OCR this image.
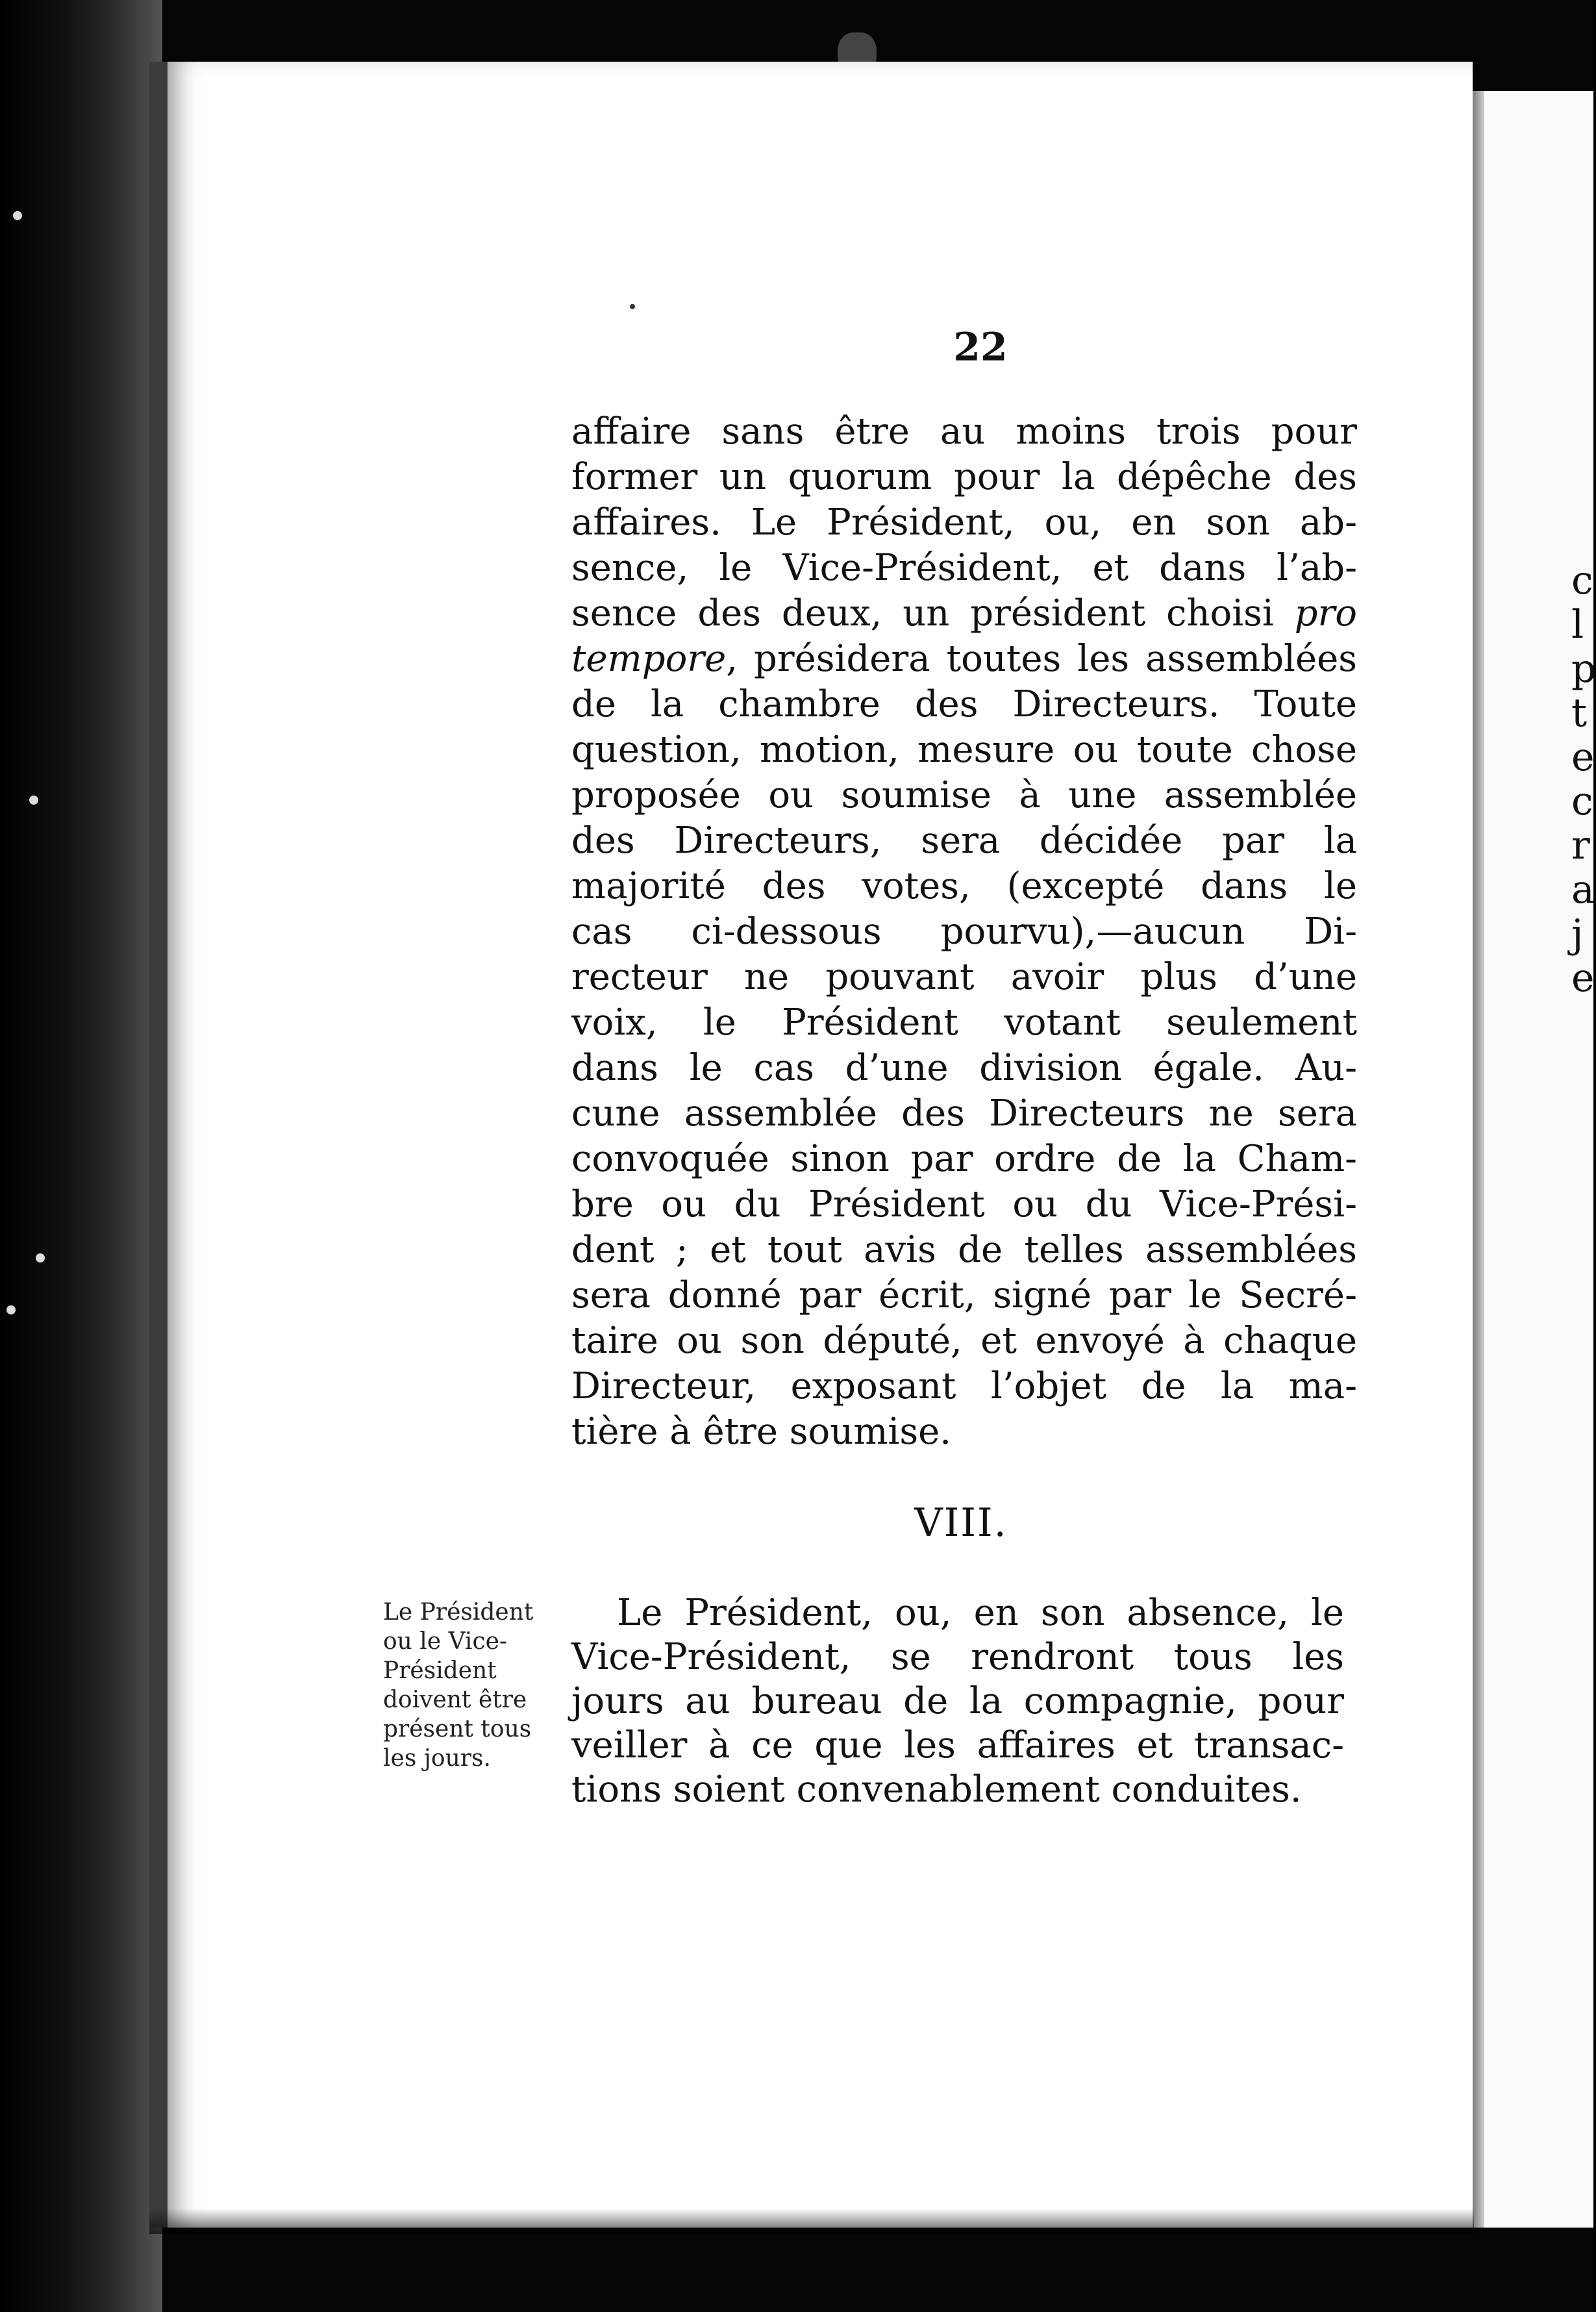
c
l
p
t
e
c
r
a
j
e
22
affaire sans être au moins trois pour
former un quorum pour la dépêche des
affaires. Le Président, ou, en son ab-
sence, le Vice-Président, et dans l’ab-
sence des deux, un président choisi pro
tempore, présidera toutes les assemblées
de la chambre des Directeurs. Toute
question, motion, mesure ou toute chose
proposée ou soumise à une assemblée
des Directeurs, sera décidée par la
majorité des votes, (excepté dans le
cas ci-dessous pourvu),—aucun Di-
recteur ne pouvant avoir plus d’une
voix, le Président votant seulement
dans le cas d’une division égale. Au-
cune assemblée des Directeurs ne sera
convoquée sinon par ordre de la Cham-
bre ou du Président ou du Vice-Prési-
dent ; et tout avis de telles assemblées
sera donné par écrit, signé par le Secré-
taire ou son député, et envoyé à chaque
Directeur, exposant l’objet de la ma-
tière à être soumise.
VIII.
Le Président
ou le Vice-
Président
doivent être
présent tous
les jours.
Le Président, ou, en son absence, le
Vice-Président, se rendront tous les
jours au bureau de la compagnie, pour
veiller à ce que les affaires et transac-
tions soient convenablement conduites.
